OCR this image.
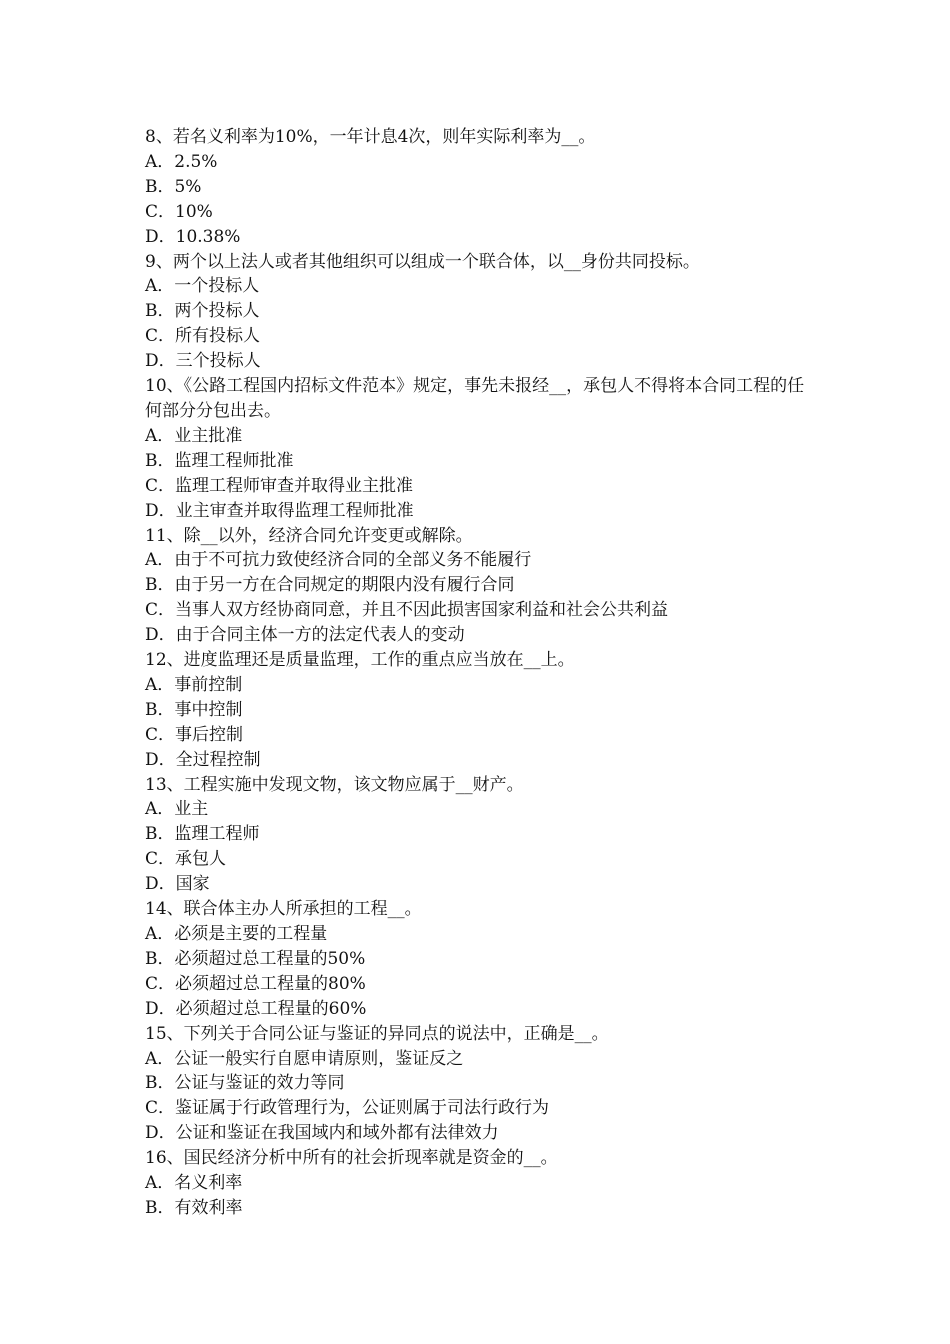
8、若名义利率为10%，一年计息4次，则年实际利率为__。
A．2.5%
B．5%
C．10%
D．10.38%
9、两个以上法人或者其他组织可以组成一个联合体，以__身份共同投标。
A．一个投标人
B．两个投标人
C．所有投标人
D．三个投标人
10、《公路工程国内招标文件范本》规定，事先未报经__，承包人不得将本合同工程的任何部分分包出去。
A．业主批准
B．监理工程师批准
C．监理工程师审查并取得业主批准
D．业主审查并取得监理工程师批准
11、除__以外，经济合同允许变更或解除。
A．由于不可抗力致使经济合同的全部义务不能履行
B．由于另一方在合同规定的期限内没有履行合同
C．当事人双方经协商同意，并且不因此损害国家利益和社会公共利益
D．由于合同主体一方的法定代表人的变动
12、进度监理还是质量监理，工作的重点应当放在__上。
A．事前控制
B．事中控制
C．事后控制
D．全过程控制
13、工程实施中发现文物，该文物应属于__财产。
A．业主
B．监理工程师
C．承包人
D．国家
14、联合体主办人所承担的工程__。
A．必须是主要的工程量
B．必须超过总工程量的50%
C．必须超过总工程量的80%
D．必须超过总工程量的60%
15、下列关于合同公证与鉴证的异同点的说法中，正确是__。
A．公证一般实行自愿申请原则，鉴证反之
B．公证与鉴证的效力等同
C．鉴证属于行政管理行为，公证则属于司法行政行为
D．公证和鉴证在我国域内和域外都有法律效力
16、国民经济分析中所有的社会折现率就是资金的__。
A．名义利率
B．有效利率
